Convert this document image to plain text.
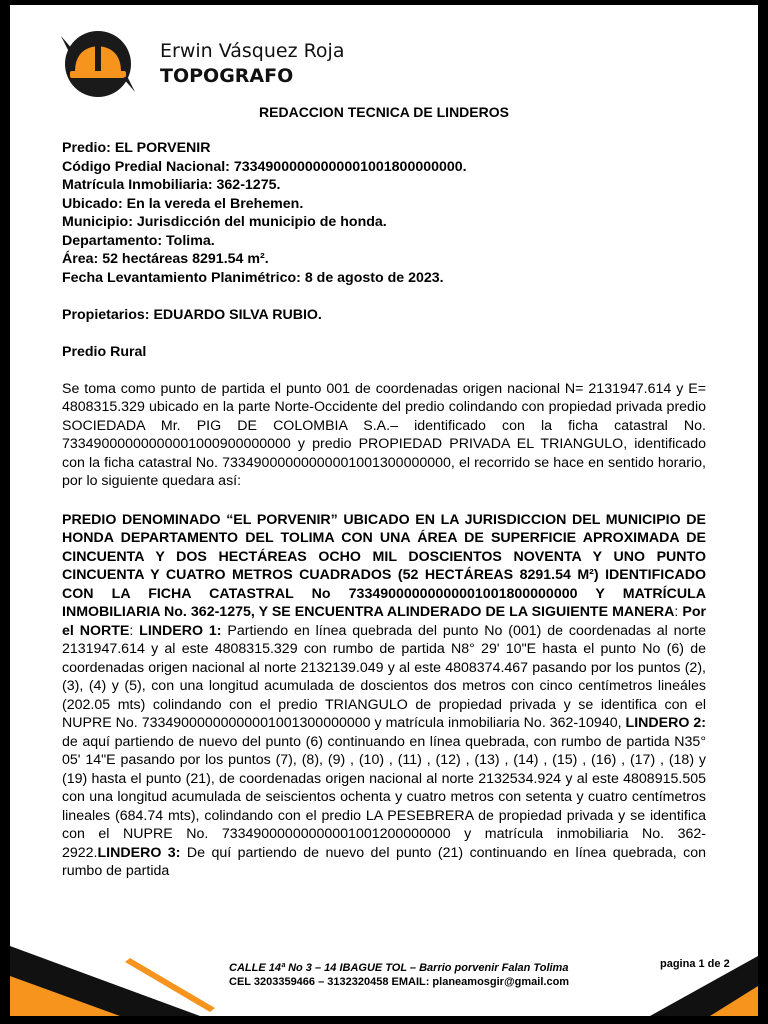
Erwin Vásquez Roja
TOPOGRAFO
REDACCION TECNICA DE LINDEROS

Predio: EL PORVENIR

Código Predial Nacional: 73349000000000001001800000000.

Matrícula Inmobiliaria: 362-1275.

Ubicado: En la vereda el Brehemen.

Municipio: Jurisdicción del municipio de honda.

Departamento: Tolima.

Área: 52 hectáreas 8291.54 m².

Fecha Levantamiento Planimétrico: 8 de agosto de 2023.

Propietarios: EDUARDO SILVA RUBIO.

Predio Rural

Se toma como punto de partida el punto 001 de coordenadas origen nacional N= 2131947.614 y E= 4808315.329 ubicado en la parte Norte-Occidente del predio colindando con propiedad privada predio SOCIEDADA Mr. PIG DE COLOMBIA S.A.– identificado con la ficha catastral No. 73349000000000001000900000000 y predio PROPIEDAD PRIVADA EL TRIANGULO, identificado con la ficha catastral No. 73349000000000001001300000000, el recorrido se hace en sentido horario, por lo siguiente quedara así:

PREDIO DENOMINADO “EL PORVENIR” UBICADO EN LA JURISDICCION DEL MUNICIPIO DE HONDA DEPARTAMENTO DEL TOLIMA CON UNA ÁREA DE SUPERFICIE APROXIMADA DE CINCUENTA Y DOS HECTÁREAS OCHO MIL DOSCIENTOS NOVENTA Y UNO PUNTO CINCUENTA Y CUATRO METROS CUADRADOS (52 HECTÁREAS 8291.54 M²) IDENTIFICADO CON LA FICHA CATASTRAL No 73349000000000001001800000000 Y MATRÍCULA INMOBILIARIA No. 362-1275, Y SE ENCUENTRA ALINDERADO DE LA SIGUIENTE MANERA: Por el NORTE: LINDERO 1: Partiendo en línea quebrada del punto No (001) de coordenadas al norte 2131947.614 y al este 4808315.329 con rumbo de partida N8° 29' 10"E hasta el punto No (6) de coordenadas origen nacional al norte 2132139.049 y al este 4808374.467 pasando por los puntos (2), (3), (4) y (5), con una longitud acumulada de doscientos dos metros con cinco centímetros lineáles (202.05 mts) colindando con el predio TRIANGULO de propiedad privada y se identifica con el NUPRE No. 73349000000000001001300000000 y matrícula inmobiliaria No. 362-10940, LINDERO 2: de aquí partiendo de nuevo del punto (6) continuando en línea quebrada, con rumbo de partida N35° 05' 14"E pasando por los puntos (7), (8), (9) , (10) , (11) , (12) , (13) , (14) , (15) , (16) , (17) , (18) y (19) hasta el punto (21), de coordenadas origen nacional al norte 2132534.924 y al este 4808915.505 con una longitud acumulada de seiscientos ochenta y cuatro metros con setenta y cuatro centímetros lineales (684.74 mts), colindando con el predio LA PESEBRERA de propiedad privada y se identifica con el NUPRE No. 73349000000000001001200000000 y matrícula inmobiliaria No. 362-2922.LINDERO 3: De quí partiendo de nuevo del punto (21) continuando en línea quebrada, con rumbo de partida

CALLE 14ª No 3 – 14 IBAGUE TOL – Barrio porvenir Falan Tolima
CEL 3203359466 – 3132320458 EMAIL: planeamosgir@gmail.com
pagina 1 de 2
